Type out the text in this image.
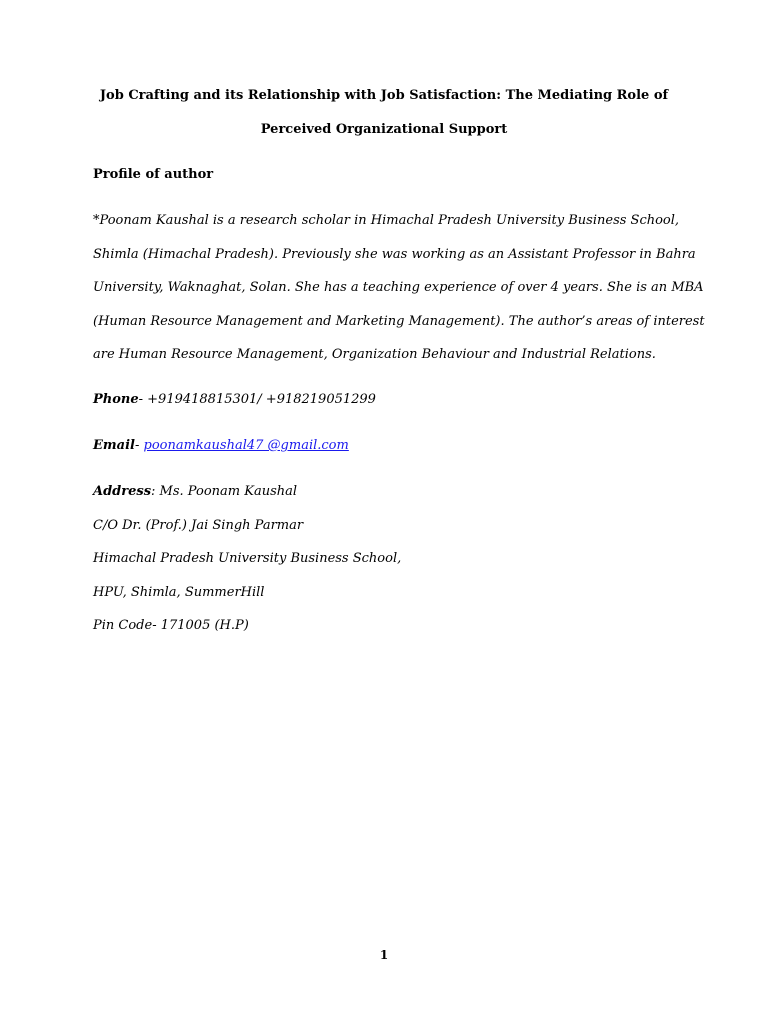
Job Crafting and its Relationship with Job Satisfaction: The Mediating Role of
Perceived Organizational Support
Profile of author
*Poonam Kaushal is a research scholar in Himachal Pradesh University Business School,
Shimla (Himachal Pradesh). Previously she was working as an Assistant Professor in Bahra
University, Waknaghat, Solan. She has a teaching experience of over 4 years. She is an MBA
(Human Resource Management and Marketing Management). The author’s areas of interest
are Human Resource Management, Organization Behaviour and Industrial Relations.
Phone- +919418815301/ +918219051299
Email- poonamkaushal47 @gmail.com
Address: Ms. Poonam Kaushal
C/O Dr. (Prof.) Jai Singh Parmar
Himachal Pradesh University Business School,
HPU, Shimla, SummerHill
Pin Code- 171005 (H.P)
1
